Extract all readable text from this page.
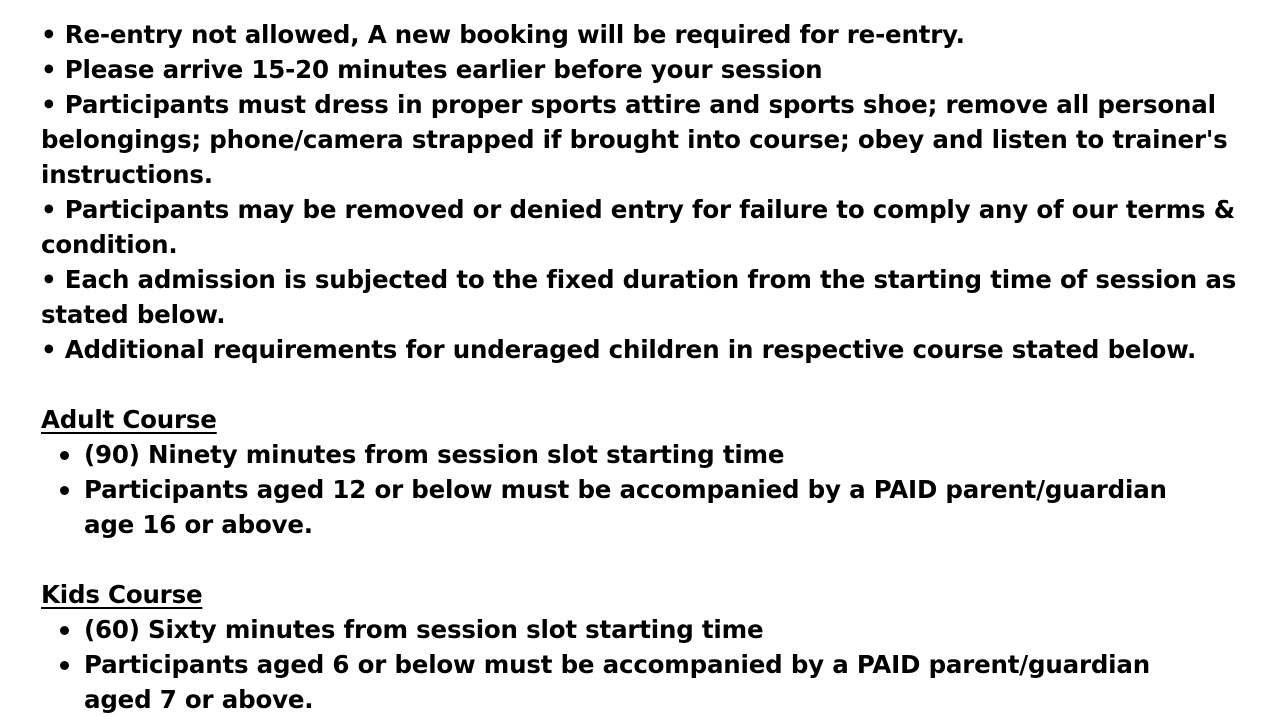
• Re-entry not allowed, A new booking will be required for re-entry.
• Please arrive 15-20 minutes earlier before your session
• Participants must dress in proper sports attire and sports shoe; remove all personal belongings; phone/camera strapped if brought into course; obey and listen to trainer's instructions.
• Participants may be removed or denied entry for failure to comply any of our terms & condition.
• Each admission is subjected to the fixed duration from the starting time of session as stated below.
• Additional requirements for underaged children in respective course stated below.
Adult Course
(90) Ninety minutes from session slot starting time
Participants aged 12 or below must be accompanied by a PAID parent/guardian age 16 or above.
Kids Course
(60) Sixty minutes from session slot starting time
Participants aged 6 or below must be accompanied by a PAID parent/guardian aged 7 or above.
